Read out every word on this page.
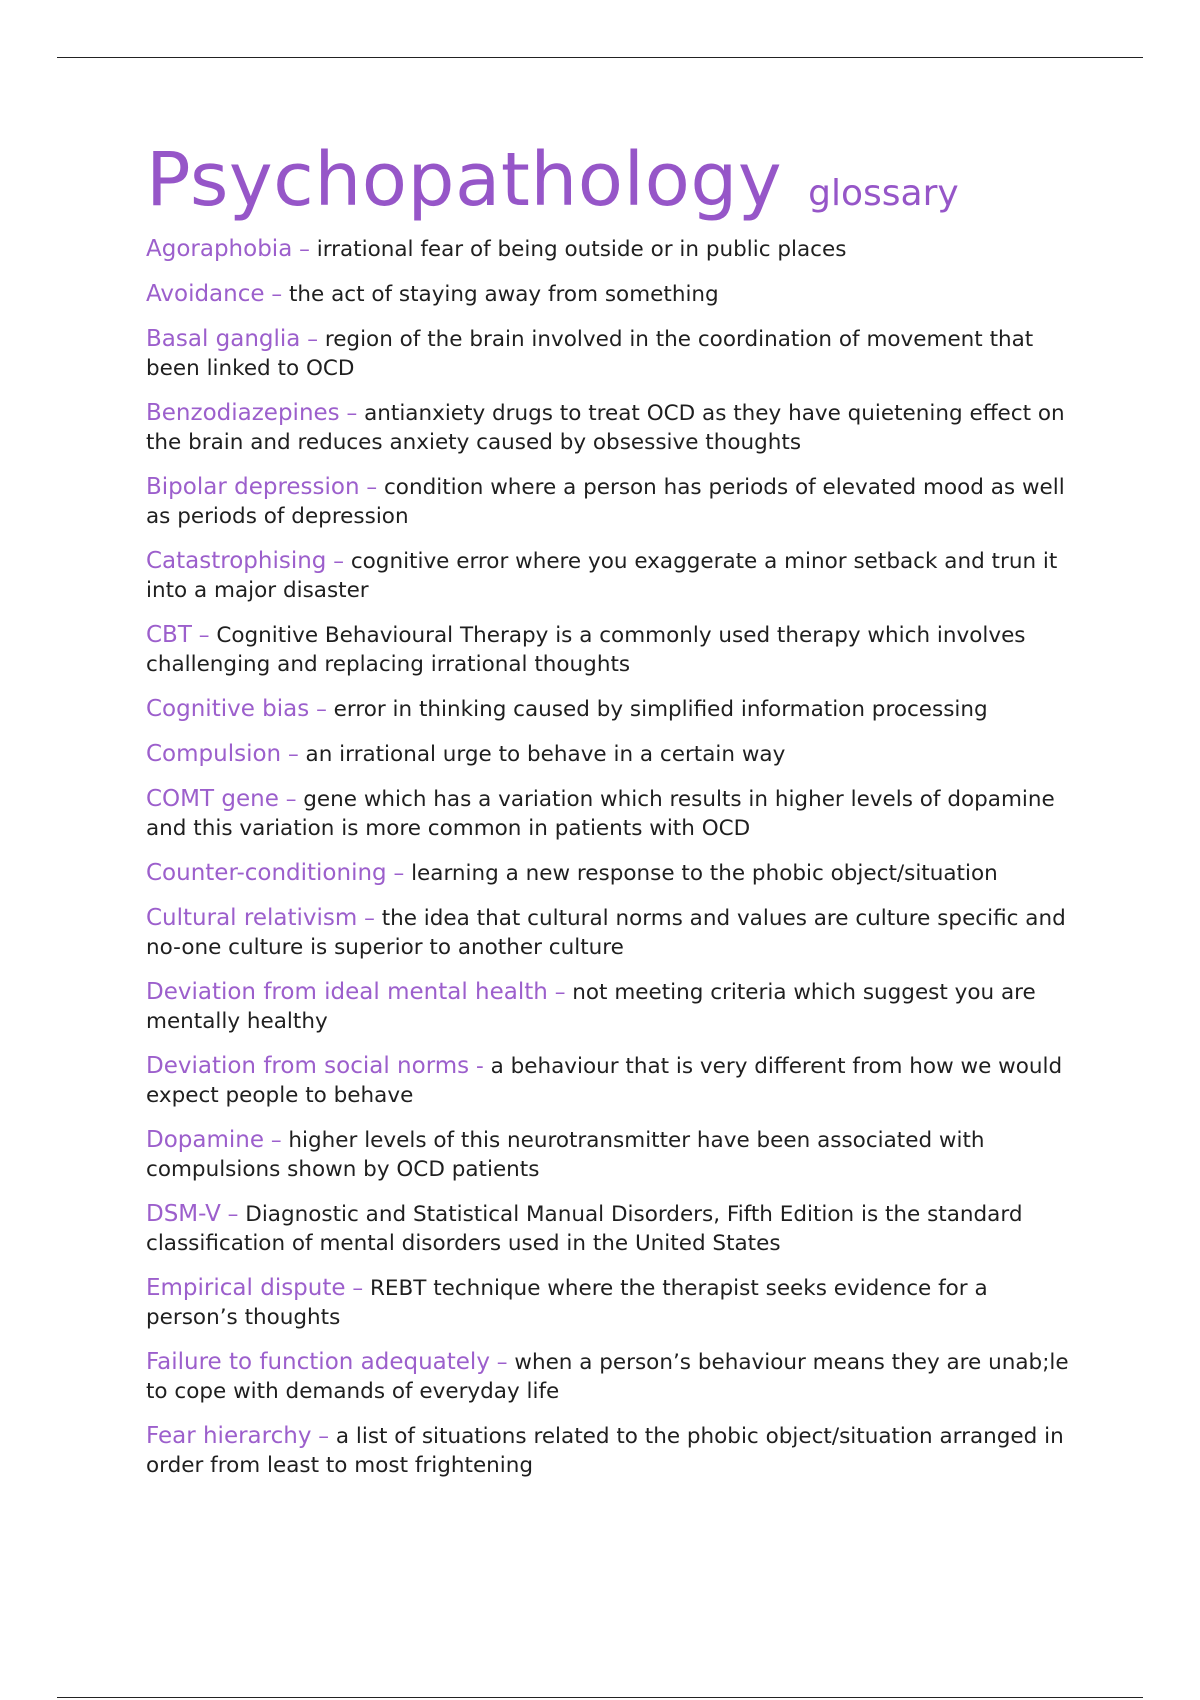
Psychopathology glossary

Agoraphobia – irrational fear of being outside or in public places

Avoidance – the act of staying away from something

Basal ganglia – region of the brain involved in the coordination of movement that been linked to OCD

Benzodiazepines – antianxiety drugs to treat OCD as they have quietening effect on the brain and reduces anxiety caused by obsessive thoughts

Bipolar depression – condition where a person has periods of elevated mood as well as periods of depression

Catastrophising – cognitive error where you exaggerate a minor setback and trun it into a major disaster

CBT – Cognitive Behavioural Therapy is a commonly used therapy which involves challenging and replacing irrational thoughts

Cognitive bias – error in thinking caused by simplified information processing

Compulsion – an irrational urge to behave in a certain way

COMT gene – gene which has a variation which results in higher levels of dopamine and this variation is more common in patients with OCD

Counter-conditioning – learning a new response to the phobic object/situation

Cultural relativism – the idea that cultural norms and values are culture specific and no-one culture is superior to another culture

Deviation from ideal mental health – not meeting criteria which suggest you are mentally healthy

Deviation from social norms - a behaviour that is very different from how we would expect people to behave

Dopamine – higher levels of this neurotransmitter have been associated with compulsions shown by OCD patients

DSM-V – Diagnostic and Statistical Manual Disorders, Fifth Edition is the standard classification of mental disorders used in the United States

Empirical dispute – REBT technique where the therapist seeks evidence for a person’s thoughts

Failure to function adequately – when a person’s behaviour means they are unab;le to cope with demands of everyday life

Fear hierarchy – a list of situations related to the phobic object/situation arranged in order from least to most frightening
